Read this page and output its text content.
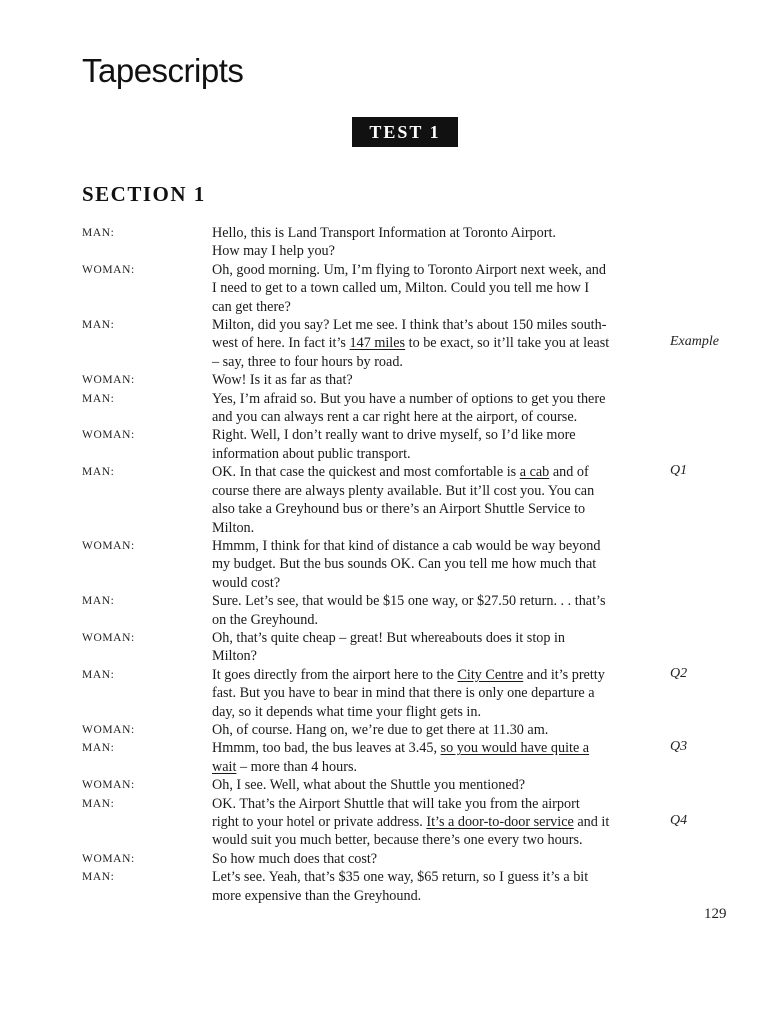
Tapescripts
TEST 1
SECTION 1
MAN:	Hello, this is Land Transport Information at Toronto Airport.
How may I help you?
WOMAN:	Oh, good morning. Um, I’m flying to Toronto Airport next week, and
I need to get to a town called um, Milton. Could you tell me how I
can get there?
MAN:	Milton, did you say? Let me see. I think that’s about 150 miles south-
west of here. In fact it’s 147 miles to be exact, so it’ll take you at least
– say, three to four hours by road.
Example
WOMAN:	Wow! Is it as far as that?
MAN:	Yes, I’m afraid so. But you have a number of options to get you there
and you can always rent a car right here at the airport, of course.
WOMAN:	Right. Well, I don’t really want to drive myself, so I’d like more
information about public transport.
MAN:	OK. In that case the quickest and most comfortable is a cab and of
course there are always plenty available. But it’ll cost you. You can
also take a Greyhound bus or there’s an Airport Shuttle Service to
Milton.
Q1
WOMAN:	Hmmm, I think for that kind of distance a cab would be way beyond
my budget. But the bus sounds OK. Can you tell me how much that
would cost?
MAN:	Sure. Let’s see, that would be $15 one way, or $27.50 return. . . that’s
on the Greyhound.
WOMAN:	Oh, that’s quite cheap – great! But whereabouts does it stop in
Milton?
MAN:	It goes directly from the airport here to the City Centre and it’s pretty
fast. But you have to bear in mind that there is only one departure a
day, so it depends what time your flight gets in.
Q2
WOMAN:	Oh, of course. Hang on, we’re due to get there at 11.30 am.
MAN:	Hmmm, too bad, the bus leaves at 3.45, so you would have quite a
wait – more than 4 hours.
Q3
WOMAN:	Oh, I see. Well, what about the Shuttle you mentioned?
MAN:	OK. That’s the Airport Shuttle that will take you from the airport
right to your hotel or private address. It’s a door-to-door service and it
would suit you much better, because there’s one every two hours.
Q4
WOMAN:	So how much does that cost?
MAN:	Let’s see. Yeah, that’s $35 one way, $65 return, so I guess it’s a bit
more expensive than the Greyhound.
129
